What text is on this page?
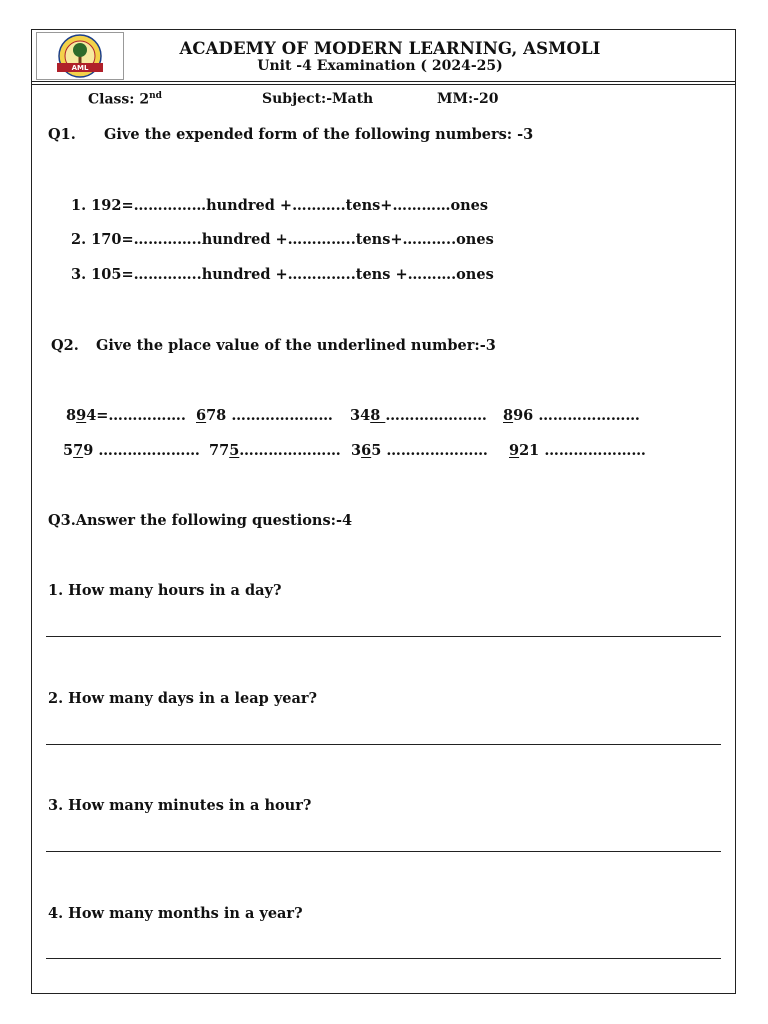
AML
ACADEMY OF MODERN LEARNING, ASMOLI
Unit -4 Examination ( 2024-25)
Class: 2nd	Subject:-Math	MM:-20
Q1. Give the expended form of the following numbers: -3
1. 192=……………hundred +………..tens+…………ones
2. 170=…………..hundred +…………..tens+………..ones
3. 105=…………..hundred +…………..tens +……….ones
Q2. Give the place value of the underlined number:-3
894=……………. 678 ………………… 348 ………………… 896 …………………
579 ………………… 775………………… 365 ………………… 921 …………………
Q3.Answer the following questions:-4
1. How many hours in a day?
2. How many days in a leap year?
3. How many minutes in a hour?
4. How many months in a year?
